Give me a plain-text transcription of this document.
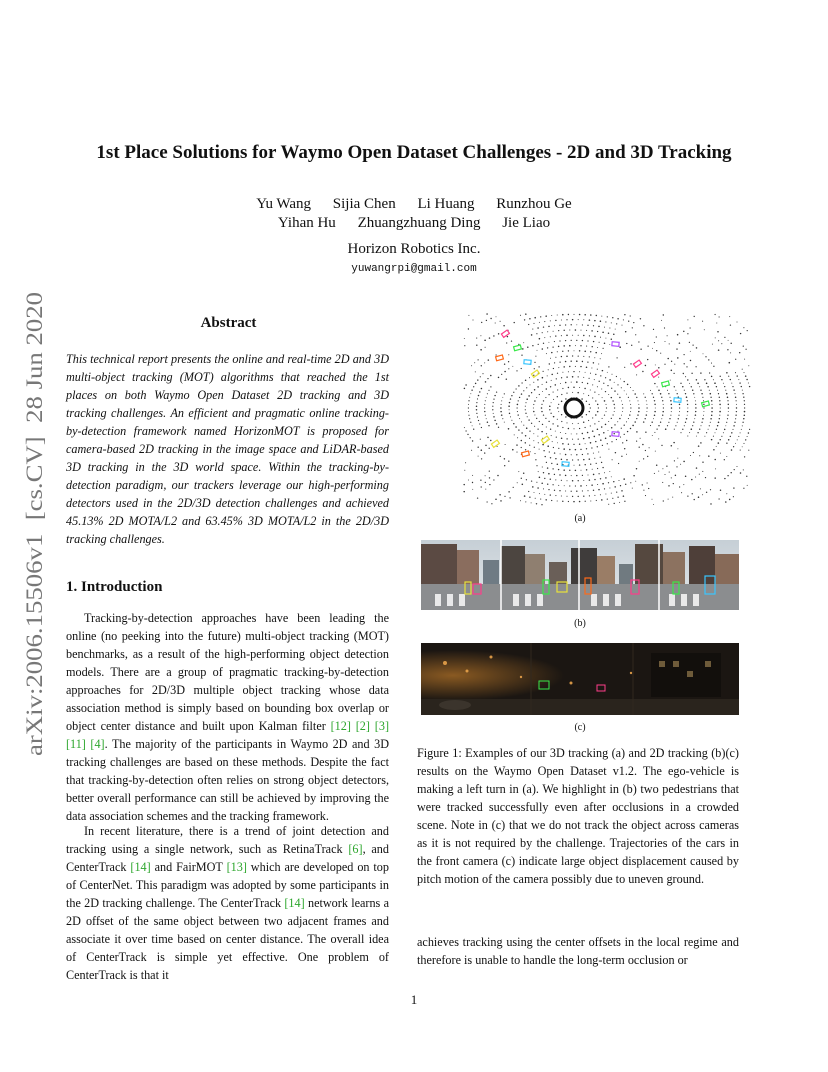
1st Place Solutions for Waymo Open Dataset Challenges - 2D and 3D Tracking
Yu Wang Sijia Chen Li Huang Runzhou Ge
Yihan Hu Zhuangzhuang Ding Jie Liao
Horizon Robotics Inc.
yuwangrpi@gmail.com
arXiv:2006.15506v1  [cs.CV]  28 Jun 2020
Abstract
This technical report presents the online and real-time 2D and 3D multi-object tracking (MOT) algorithms that reached the 1st places on both Waymo Open Dataset 2D tracking and 3D tracking challenges. An efficient and pragmatic online tracking-by-detection framework named HorizonMOT is proposed for camera-based 2D tracking in the image space and LiDAR-based 3D tracking in the 3D world space. Within the tracking-by-detection paradigm, our trackers leverage our high-performing detectors used in the 2D/3D detection challenges and achieved 45.13% 2D MOTA/L2 and 63.45% 3D MOTA/L2 in the 2D/3D tracking challenges.
1. Introduction
Tracking-by-detection approaches have been leading the online (no peeking into the future) multi-object tracking (MOT) benchmarks, as a result of the high-performing object detection models. There are a group of pragmatic tracking-by-detection approaches for 2D/3D multiple object tracking whose data association method is simply based on bounding box overlap or object center distance and built upon Kalman filter [12] [2] [3] [11] [4]. The majority of the participants in Waymo 2D and 3D tracking challenges are based on these methods. Despite the fact that tracking-by-detection often relies on strong object detectors, better overall performance can still be achieved by improving the data association schemes and the tracking framework.
In recent literature, there is a trend of joint detection and tracking using a single network, such as RetinaTrack [6], and CenterTrack [14] and FairMOT [13] which are developed on top of CenterNet. This paradigm was adopted by some participants in the 2D tracking challenge. The CenterTrack [14] network learns a 2D offset of the same object between two adjacent frames and associate it over time based on center distance. The overall idea of CenterTrack is simple yet effective. One problem of CenterTrack is that it
(a)
(b)
(c)
Figure 1: Examples of our 3D tracking (a) and 2D tracking (b)(c) results on the Waymo Open Dataset v1.2. The ego-vehicle is making a left turn in (a). We highlight in (b) two pedestrians that were tracked successfully even after occlusions in a crowded scene. Note in (c) that we do not track the object across cameras as it is not required by the challenge. Trajectories of the cars in the front camera (c) indicate large object displacement caused by pitch motion of the camera possibly due to uneven ground.
achieves tracking using the center offsets in the local regime and therefore is unable to handle the long-term occlusion or
1
